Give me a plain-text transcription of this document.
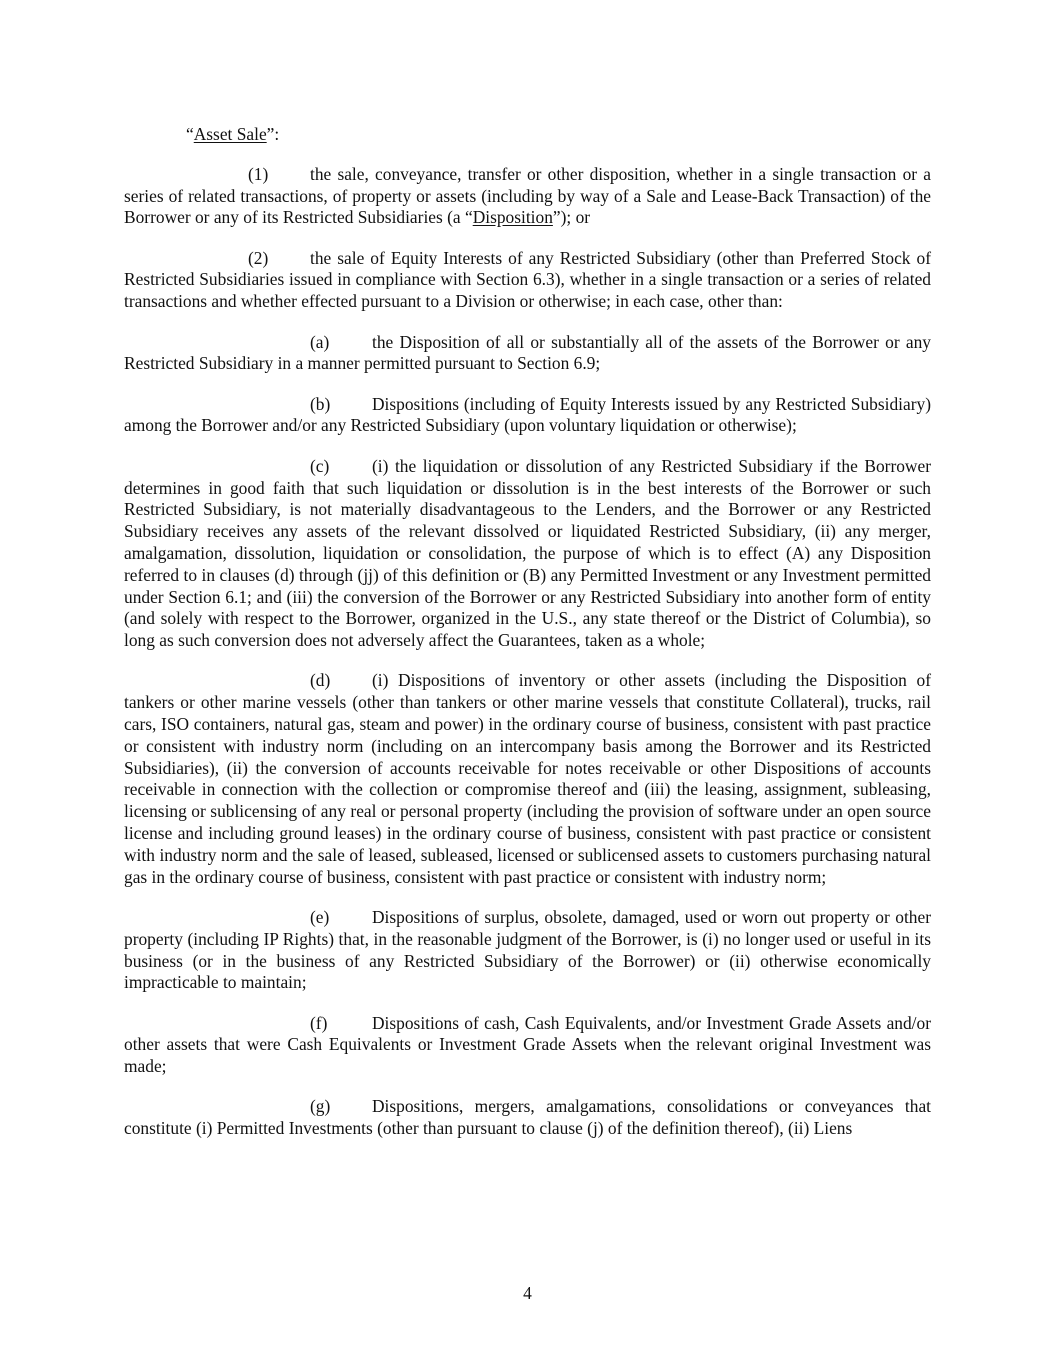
“Asset Sale”:

(1) the sale, conveyance, transfer or other disposition, whether in a single transaction or a series of related transactions, of property or assets (including by way of a Sale and Lease-Back Transaction) of the Borrower or any of its Restricted Subsidiaries (a “Disposition”); or

(2) the sale of Equity Interests of any Restricted Subsidiary (other than Preferred Stock of Restricted Subsidiaries issued in compliance with Section 6.3), whether in a single transaction or a series of related transactions and whether effected pursuant to a Division or otherwise; in each case, other than:

(a) the Disposition of all or substantially all of the assets of the Borrower or any Restricted Subsidiary in a manner permitted pursuant to Section 6.9;

(b) Dispositions (including of Equity Interests issued by any Restricted Subsidiary) among the Borrower and/or any Restricted Subsidiary (upon voluntary liquidation or otherwise);

(c) (i) the liquidation or dissolution of any Restricted Subsidiary if the Borrower determines in good faith that such liquidation or dissolution is in the best interests of the Borrower or such Restricted Subsidiary, is not materially disadvantageous to the Lenders, and the Borrower or any Restricted Subsidiary receives any assets of the relevant dissolved or liquidated Restricted Subsidiary, (ii) any merger, amalgamation, dissolution, liquidation or consolidation, the purpose of which is to effect (A) any Disposition referred to in clauses (d) through (jj) of this definition or (B) any Permitted Investment or any Investment permitted under Section 6.1; and (iii) the conversion of the Borrower or any Restricted Subsidiary into another form of entity (and solely with respect to the Borrower, organized in the U.S., any state thereof or the District of Columbia), so long as such conversion does not adversely affect the Guarantees, taken as a whole;

(d) (i) Dispositions of inventory or other assets (including the Disposition of tankers or other marine vessels (other than tankers or other marine vessels that constitute Collateral), trucks, rail cars, ISO containers, natural gas, steam and power) in the ordinary course of business, consistent with past practice or consistent with industry norm (including on an intercompany basis among the Borrower and its Restricted Subsidiaries), (ii) the conversion of accounts receivable for notes receivable or other Dispositions of accounts receivable in connection with the collection or compromise thereof and (iii) the leasing, assignment, subleasing, licensing or sublicensing of any real or personal property (including the provision of software under an open source license and including ground leases) in the ordinary course of business, consistent with past practice or consistent with industry norm and the sale of leased, subleased, licensed or sublicensed assets to customers purchasing natural gas in the ordinary course of business, consistent with past practice or consistent with industry norm;

(e) Dispositions of surplus, obsolete, damaged, used or worn out property or other property (including IP Rights) that, in the reasonable judgment of the Borrower, is (i) no longer used or useful in its business (or in the business of any Restricted Subsidiary of the Borrower) or (ii) otherwise economically impracticable to maintain;

(f)	Dispositions of cash, Cash Equivalents, and/or Investment Grade Assets and/or other assets that were Cash Equivalents or Investment Grade Assets when the relevant original Investment was made;

(g) Dispositions, mergers, amalgamations, consolidations or conveyances that constitute (i) Permitted Investments (other than pursuant to clause (j) of the definition thereof), (ii) Liens

4
